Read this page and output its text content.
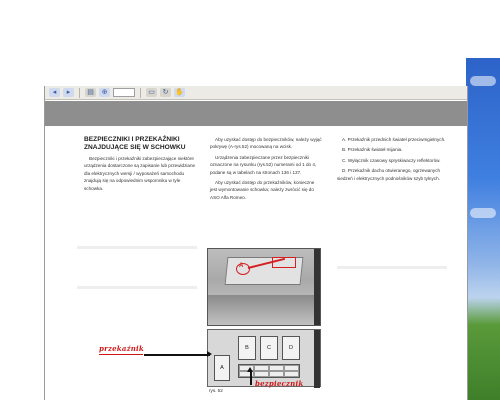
◂	▸	▤	⊕	▭	↻ ✋
BEZPIECZNIKI I PRZEKAŹNIKI
ZNAJDUJĄCE SIĘ W SCHOWKU

Bezpieczniki i przekaźniki zabezpieczające niektóre urządzenia dostarczone są zapisanie lub przewidziane dla elektrycznych wersji / wyposażeń samochodu znajdują się na odpowiednim wspomniku w tyle schowka.

Aby uzyskać dostęp do bezpieczników, należy wyjąć pokrywę (A-rys.52) mocowaną na wcisk.

Urządzenia zabezpieczane przez bezpieczniki oznaczone na rysunku (rys.52) numerami od 1 do 4, podane są w tabelach na stronach 136 i 137.

Aby uzyskać dostęp do przekaźników, konieczne jest wymontowanie schowka; należy zwrócić się do ASO Alfa Romeo.

A. Przekaźnik przednich świateł przeciwmgielnych.

B. Przekaźnik świateł mijania.

C. Wyłącznik czasowy spryskiwaczy reflektorów.

D. Przekaźnik dachu otwieranego, ogrzewanych siedzeń i elektrycznych podnośników szyb tylnych.

A
A
B	C	D
rys. 52
przekaźnik
bezpiecznik
